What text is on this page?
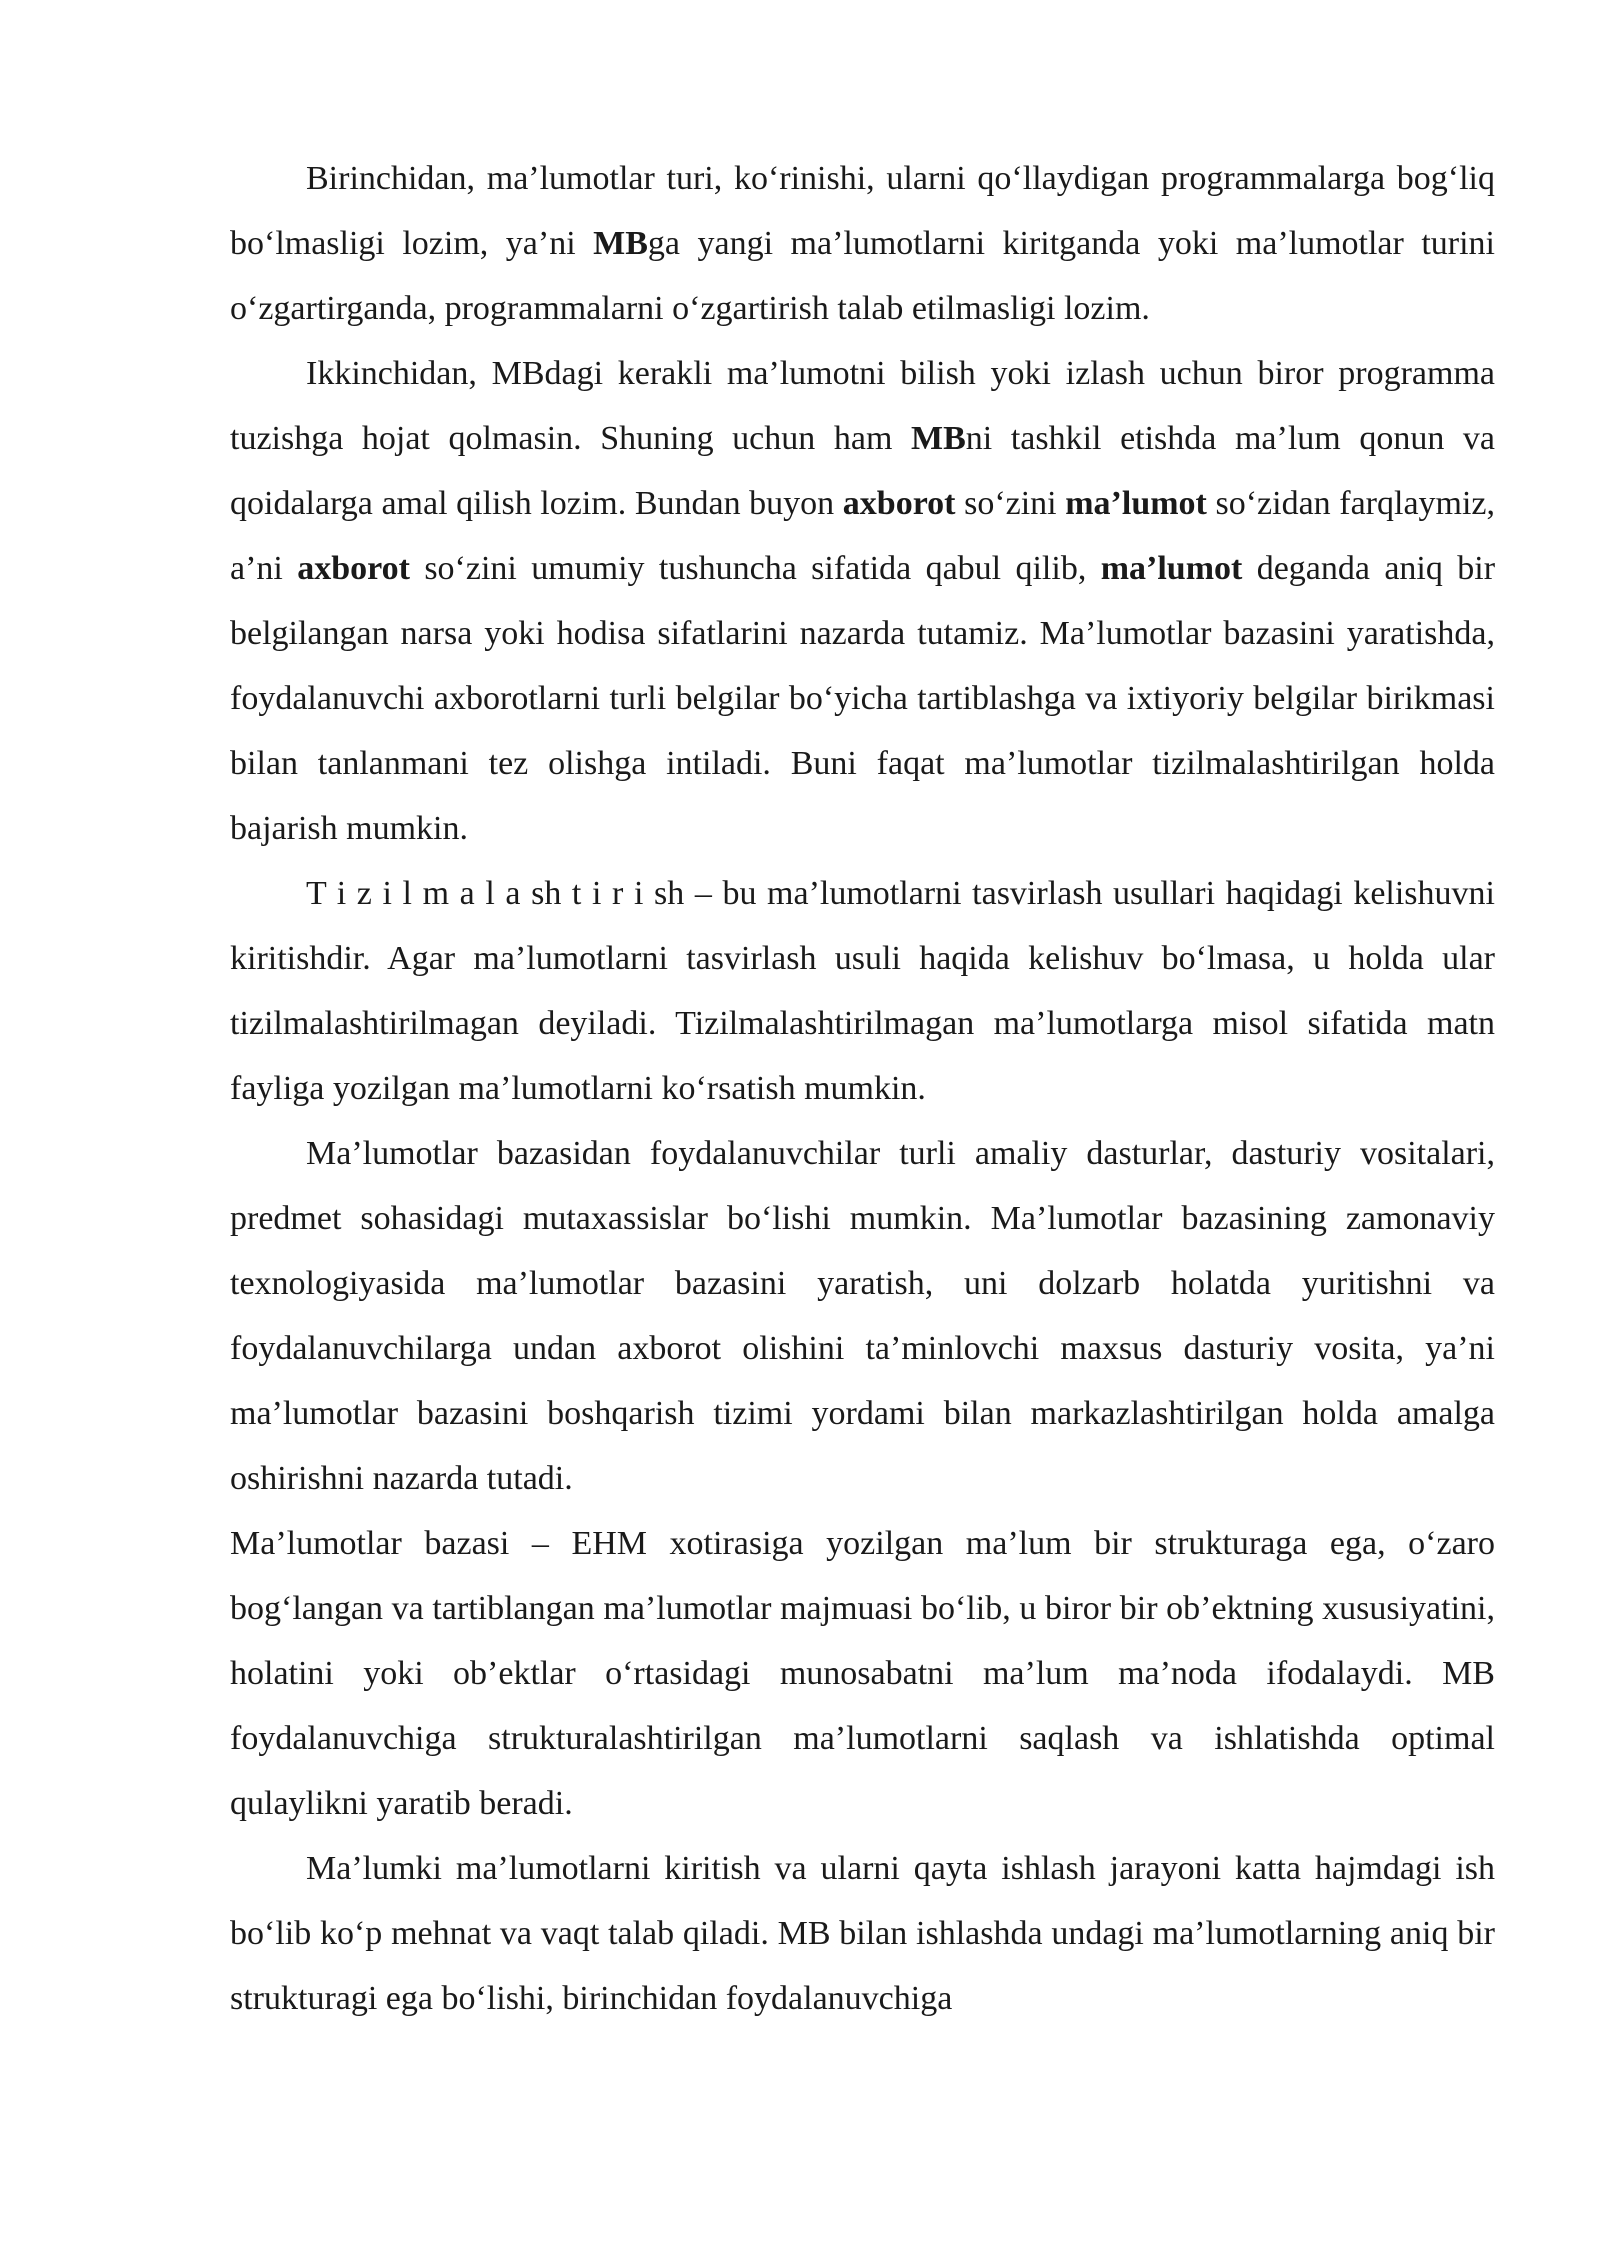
Birinchidan, ma’lumotlar turi, ko‘rinishi, ularni qo‘llaydigan programmalarga bog‘liq bo‘lmasligi lozim, ya’ni MBga yangi ma’lumotlarni kiritganda yoki ma’lumotlar turini o‘zgartirganda, programmalarni o‘zgartirish talab etilmasligi lozim.

Ikkinchidan, MBdagi kerakli ma’lumotni bilish yoki izlash uchun biror programma tuzishga hojat qolmasin. Shuning uchun ham MBni tashkil etishda ma’lum qonun va qoidalarga amal qilish lozim. Bundan buyon axborot so‘zini ma’lumot so‘zidan farqlaymiz, a’ni axborot so‘zini umumiy tushuncha sifatida qabul qilib, ma’lumot deganda aniq bir belgilangan narsa yoki hodisa sifatlarini nazarda tutamiz. Ma’lumotlar bazasini yaratishda, foydalanuvchi axborotlarni turli belgilar bo‘yicha tartiblashga va ixtiyoriy belgilar birikmasi bilan tanlanmani tez olishga intiladi. Buni faqat ma’lumotlar tizilmalashtirilgan holda bajarish mumkin.

T i z i l m a l a sh t i r i sh – bu ma’lumotlarni tasvirlash usullari haqidagi kelishuvni kiritishdir. Agar ma’lumotlarni tasvirlash usuli haqida kelishuv bo‘lmasa, u holda ular tizilmalashtirilmagan deyiladi. Tizilmalashtirilmagan ma’lumotlarga misol sifatida matn fayliga yozilgan ma’lumotlarni ko‘rsatish mumkin.

Ma’lumotlar bazasidan foydalanuvchilar turli amaliy dasturlar, dasturiy vositalari, predmet sohasidagi mutaxassislar bo‘lishi mumkin. Ma’lumotlar bazasining zamonaviy texnologiyasida ma’lumotlar bazasini yaratish, uni dolzarb holatda yuritishni va foydalanuvchilarga undan axborot olishini ta’minlovchi maxsus dasturiy vosita, ya’ni ma’lumotlar bazasini boshqarish tizimi yordami bilan markazlashtirilgan holda amalga oshirishni nazarda tutadi.
Ma’lumotlar bazasi – EHM xotirasiga yozilgan ma’lum bir strukturaga ega, o‘zaro bog‘langan va tartiblangan ma’lumotlar majmuasi bo‘lib, u biror bir ob’ektning xususiyatini, holatini yoki ob’ektlar o‘rtasidagi munosabatni ma’lum ma’noda ifodalaydi. MB foydalanuvchiga strukturalashtirilgan ma’lumotlarni saqlash va ishlatishda optimal qulaylikni yaratib beradi.

Ma’lumki ma’lumotlarni kiritish va ularni qayta ishlash jarayoni katta hajmdagi ish bo‘lib ko‘p mehnat va vaqt talab qiladi. MB bilan ishlashda undagi ma’lumotlarning aniq bir strukturagi ega bo‘lishi, birinchidan foydalanuvchiga
